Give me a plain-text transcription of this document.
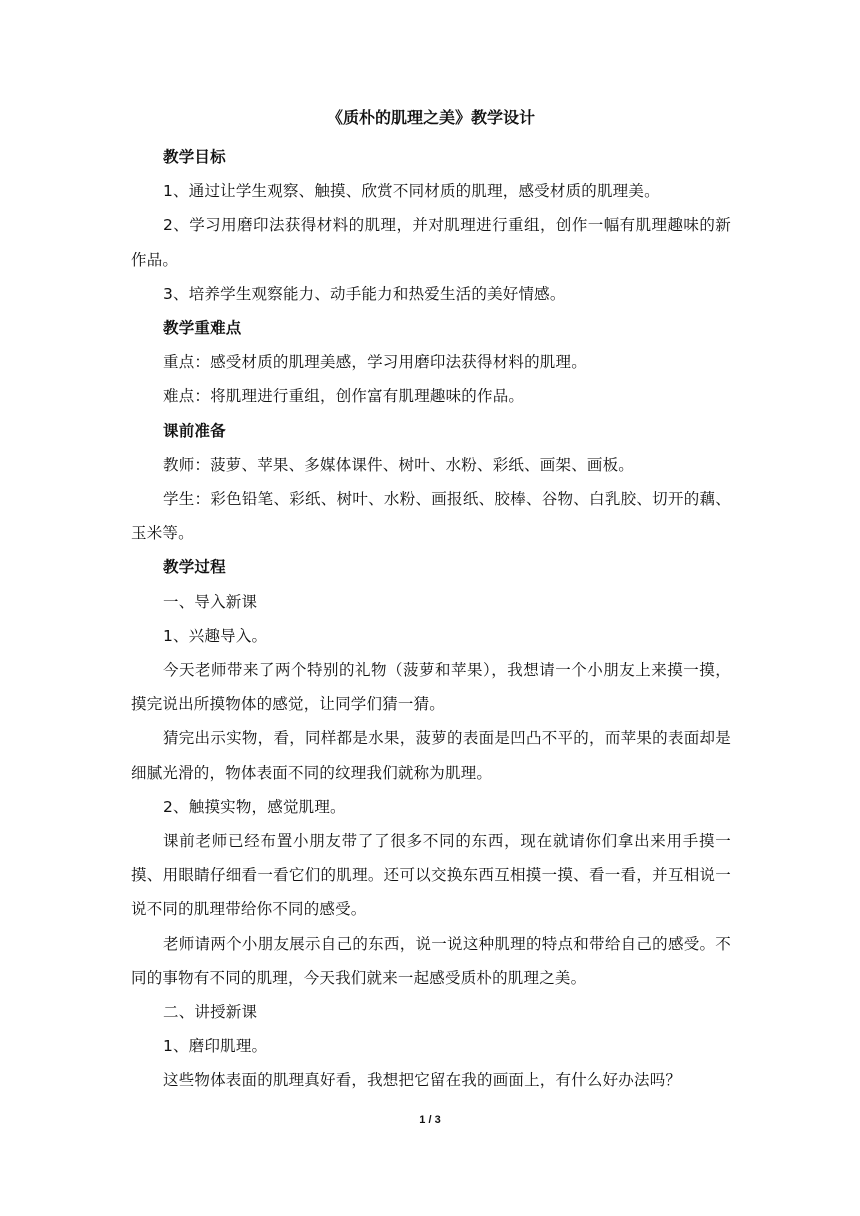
《质朴的肌理之美》教学设计

教学目标

1、通过让学生观察、触摸、欣赏不同材质的肌理，感受材质的肌理美。

2、学习用磨印法获得材料的肌理，并对肌理进行重组，创作一幅有肌理趣味的新作品。

3、培养学生观察能力、动手能力和热爱生活的美好情感。

教学重难点

重点：感受材质的肌理美感，学习用磨印法获得材料的肌理。

难点：将肌理进行重组，创作富有肌理趣味的作品。

课前准备

教师：菠萝、苹果、多媒体课件、树叶、水粉、彩纸、画架、画板。

学生：彩色铅笔、彩纸、树叶、水粉、画报纸、胶棒、谷物、白乳胶、切开的藕、玉米等。

教学过程

一、导入新课

1、兴趣导入。

今天老师带来了两个特别的礼物（菠萝和苹果），我想请一个小朋友上来摸一摸，摸完说出所摸物体的感觉，让同学们猜一猜。

猜完出示实物，看，同样都是水果，菠萝的表面是凹凸不平的，而苹果的表面却是细腻光滑的，物体表面不同的纹理我们就称为肌理。

2、触摸实物，感觉肌理。

课前老师已经布置小朋友带了了很多不同的东西，现在就请你们拿出来用手摸一摸、用眼睛仔细看一看它们的肌理。还可以交换东西互相摸一摸、看一看，并互相说一说不同的肌理带给你不同的感受。

老师请两个小朋友展示自己的东西，说一说这种肌理的特点和带给自己的感受。不同的事物有不同的肌理，今天我们就来一起感受质朴的肌理之美。

二、讲授新课

1、磨印肌理。

这些物体表面的肌理真好看，我想把它留在我的画面上，有什么好办法吗？

1 / 3
